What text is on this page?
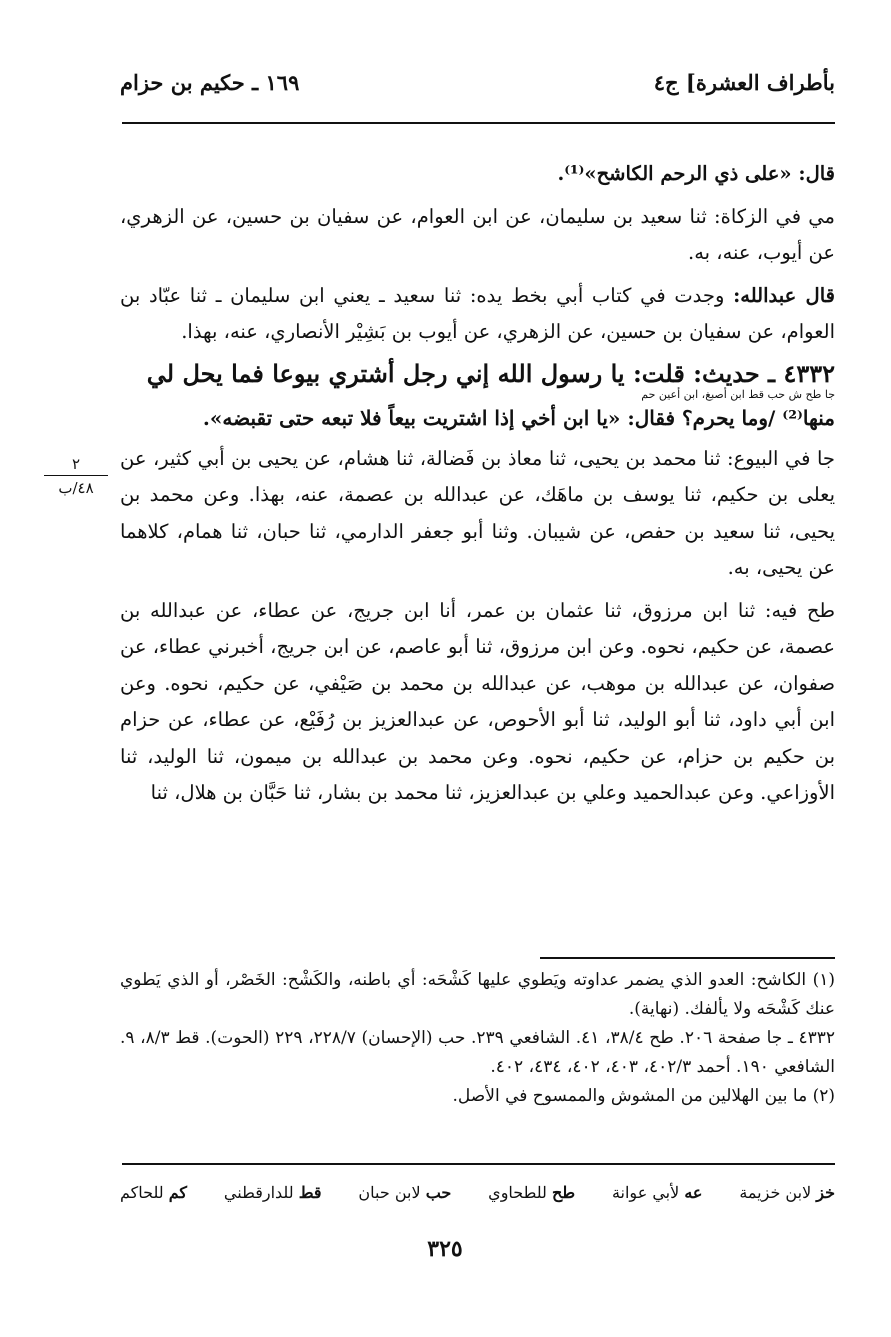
بأطراف العشرة] ج٤
١٦٩ ـ حكيم بن حزام

قال: «على ذي الرحم الكاشح»⁽¹⁾.

مي في الزكاة: ثنا سعيد بن سليمان، عن ابن العوام، عن سفيان بن حسين، عن الزهري، عن أيوب، عنه، به.

قال عبدالله: وجدت في كتاب أبي بخط يده: ثنا سعيد ـ يعني ابن سليمان ـ ثنا عبّاد بن العوام، عن سفيان بن حسين، عن الزهري، عن أيوب بن بَشِيْر الأنصاري، عنه، بهذا.

٤٣٣٢ ـ حديث: قلت: يا رسول الله إني رجل أشتري بيوعا فما يحل لي
جا طح ش حب قط ابن أصبغ، ابن أعين حم
منها⁽²⁾ /وما يحرم؟ فقال: «يا ابن أخي إذا اشتريت بيعاً فلا تبعه حتى تقبضه».

جا في البيوع: ثنا محمد بن يحيى، ثنا معاذ بن فَضالة، ثنا هشام، عن يحيى بن أبي كثير، عن يعلى بن حكيم، ثنا يوسف بن ماهَك، عن عبدالله بن عصمة، عنه، بهذا. وعن محمد بن يحيى، ثنا سعيد بن حفص، عن شيبان. وثنا أبو جعفر الدارمي، ثنا حبان، ثنا همام، كلاهما عن يحيى، به.

طح فيه: ثنا ابن مرزوق، ثنا عثمان بن عمر، أنا ابن جريج، عن عطاء، عن عبدالله بن عصمة، عن حكيم، نحوه. وعن ابن مرزوق، ثنا أبو عاصم، عن ابن جريج، أخبرني عطاء، عن صفوان، عن عبدالله بن موهب، عن عبدالله بن محمد بن صَيْفي، عن حكيم، نحوه. وعن ابن أبي داود، ثنا أبو الوليد، ثنا أبو الأحوص، عن عبدالعزيز بن رُفَيْع، عن عطاء، عن حزام بن حكيم بن حزام، عن حكيم، نحوه. وعن محمد بن عبدالله بن ميمون، ثنا الوليد، ثنا الأوزاعي. وعن عبدالحميد وعلي بن عبدالعزيز، ثنا محمد بن بشار، ثنا حَبَّان بن هلال، ثنا

٢
٤٨/ب

(١) الكاشح: العدو الذي يضمر عداوته ويَطوي عليها كَشْحَه: أي باطنه، والكَشْح: الخَصْر، أو الذي يَطوي عنك كَشْحَه ولا يألفك. (نهاية).

٤٣٣٢ ـ جا صفحة ٢٠٦. طح ٣٨/٤، ٤١. الشافعي ٢٣٩. حب (الإحسان) ٢٢٨/٧، ٢٢٩ (الحوت). قط ٨/٣، ٩. الشافعي ١٩٠. أحمد ٤٠٢/٣، ٤٠٣، ٤٠٢، ٤٣٤، ٤٠٢.

(٢) ما بين الهلالين من المشوش والممسوح في الأصل.

خز لابن خزيمة
عه لأبي عوانة
طح للطحاوي
حب لابن حبان
قط للدارقطني
كم للحاكم
٣٢٥
